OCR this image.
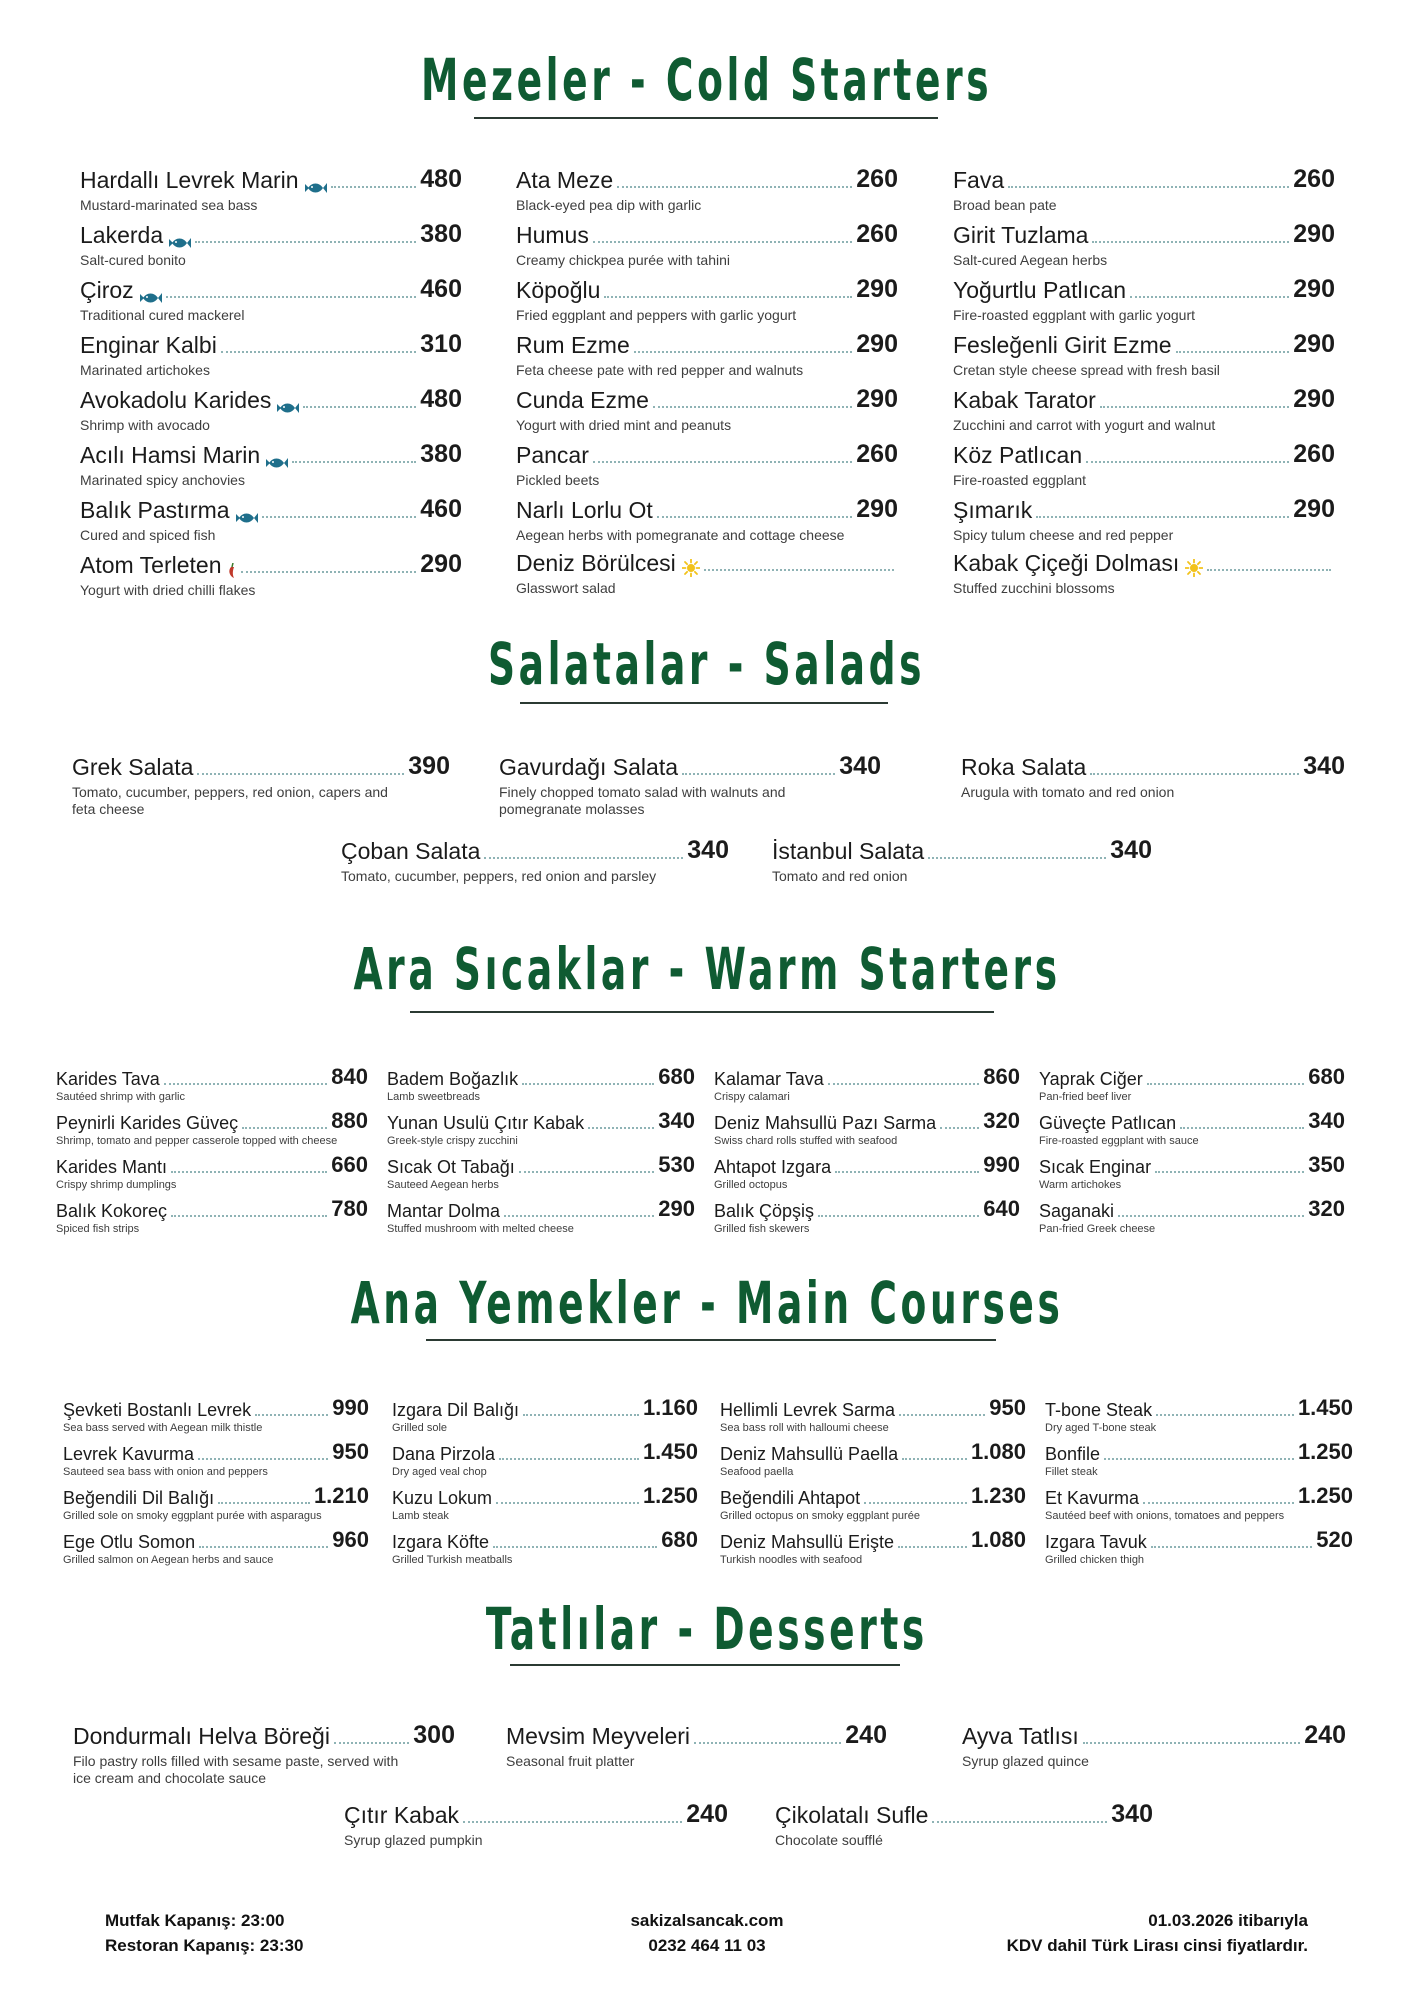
Mezeler - Cold Starters
Salatalar - Salads
Ara Sıcaklar - Warm Starters
Ana Yemekler - Main Courses
Tatlılar - Desserts
Hardallı Levrek Marin	480
Mustard-marinated sea bass
Lakerda	380
Salt-cured bonito
Çiroz	460
Traditional cured mackerel
Enginar Kalbi	310
Marinated artichokes
Avokadolu Karides	480
Shrimp with avocado
Acılı Hamsi Marin	380
Marinated spicy anchovies
Balık Pastırma	460
Cured and spiced fish
Atom Terleten	290
Yogurt with dried chilli flakes
Ata Meze	260
Black-eyed pea dip with garlic
Humus	260
Creamy chickpea purée with tahini
Köpoğlu	290
Fried eggplant and peppers with garlic yogurt
Rum Ezme	290
Feta cheese pate with red pepper and walnuts
Cunda Ezme	290
Yogurt with dried mint and peanuts
Pancar	260
Pickled beets
Narlı Lorlu Ot	290
Aegean herbs with pomegranate and cottage cheese
Deniz Börülcesi
Glasswort salad
Fava	260
Broad bean pate
Girit Tuzlama	290
Salt-cured Aegean herbs
Yoğurtlu Patlıcan	290
Fire-roasted eggplant with garlic yogurt
Fesleğenli Girit Ezme	290
Cretan style cheese spread with fresh basil
Kabak Tarator	290
Zucchini and carrot with yogurt and walnut
Köz Patlıcan	260
Fire-roasted eggplant
Şımarık	290
Spicy tulum cheese and red pepper
Kabak Çiçeği Dolması
Stuffed zucchini blossoms
Grek Salata	390
Tomato, cucumber, peppers, red onion, capers and feta cheese
Gavurdağı Salata	340
Finely chopped tomato salad with walnuts and pomegranate molasses
Roka Salata	340
Arugula with tomato and red onion
Çoban Salata	340
Tomato, cucumber, peppers, red onion and parsley
İstanbul Salata	340
Tomato and red onion
Karides Tava	840
Sautéed shrimp with garlic
Peynirli Karides Güveç	880
Shrimp, tomato and pepper casserole topped with cheese
Karides Mantı	660
Crispy shrimp dumplings
Balık Kokoreç	780
Spiced fish strips
Badem Boğazlık	680
Lamb sweetbreads
Yunan Usulü Çıtır Kabak	340
Greek-style crispy zucchini
Sıcak Ot Tabağı	530
Sauteed Aegean herbs
Mantar Dolma	290
Stuffed mushroom with melted cheese
Kalamar Tava	860
Crispy calamari
Deniz Mahsullü Pazı Sarma 320
Swiss chard rolls stuffed with seafood
Ahtapot Izgara	990
Grilled octopus
Balık Çöpşiş	640
Grilled fish skewers
Yaprak Ciğer	680
Pan-fried beef liver
Güveçte Patlıcan	340
Fire-roasted eggplant with sauce
Sıcak Enginar	350
Warm artichokes
Saganaki	320
Pan-fried Greek cheese
Şevketi Bostanlı Levrek	990
Sea bass served with Aegean milk thistle
Levrek Kavurma	950
Sauteed sea bass with onion and peppers
Beğendili Dil Balığı	1.210
Grilled sole on smoky eggplant purée with asparagus
Ege Otlu Somon	960
Grilled salmon on Aegean herbs and sauce
Izgara Dil Balığı	1.160
Grilled sole
Dana Pirzola	1.450
Dry aged veal chop
Kuzu Lokum	1.250
Lamb steak
Izgara Köfte	680
Grilled Turkish meatballs
Hellimli Levrek Sarma	950
Sea bass roll with halloumi cheese
Deniz Mahsullü Paella	1.080
Seafood paella
Beğendili Ahtapot	1.230
Grilled octopus on smoky eggplant purée
Deniz Mahsullü Erişte	1.080
Turkish noodles with seafood
T-bone Steak	1.450
Dry aged T-bone steak
Bonfile	1.250
Fillet steak
Et Kavurma	1.250
Sautéed beef with onions, tomatoes and peppers
Izgara Tavuk	520
Grilled chicken thigh
Dondurmalı Helva Böreği	300
Filo pastry rolls filled with sesame paste, served with ice cream and chocolate sauce
Mevsim Meyveleri	240
Seasonal fruit platter
Ayva Tatlısı	240
Syrup glazed quince
Çıtır Kabak	240
Syrup glazed pumpkin
Çikolatalı Sufle	340
Chocolate soufflé
Mutfak Kapanış: 23:00
Restoran Kapanış: 23:30
sakizalsancak.com
0232 464 11 03
01.03.2026 itibarıyla
KDV dahil Türk Lirası cinsi fiyatlardır.
